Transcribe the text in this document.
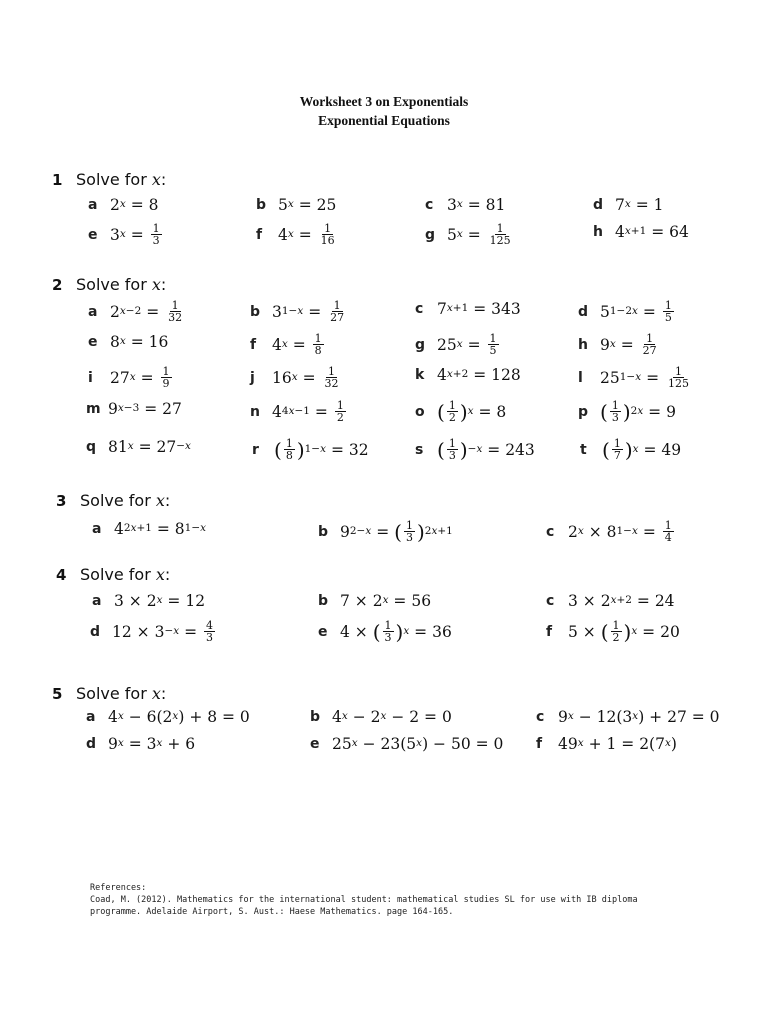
Worksheet 3 on Exponentials
Exponential Equations
1 Solve for
x :
a 2 $^x$ = 8	b 5 $^x$ = 25	c 3 $^x$ = 81	d 7 $^x$ = 1
e 3 $^x = \frac{1}{3}$	f	4 $^x = \frac{1}{16}$	g 5 $^x = \frac{1}{125}$	h 4 $^{x+1}$ = 64
2 Solve for
x :
a 2 $^{x-2} = \frac{1}{32}$	b $3^{1-x} = \frac{1}{27}$	c 7 $^{x+1}$ = 343	d $5^{1-2x} = \frac{1}{5}$
e 8 $^x$ = 16	f	4 $^x = \frac{1}{8}$	g 25 $^x = \frac{1}{5}$	h 9 $^x = \frac{1}{27}$
i	27 $^x = \frac{1}{9}$	j	16 $^x = \frac{1}{32}$	k 4 $^{x+2}$ = 128	l	$25^{1-x} = \frac{1}{125}$
m 9 $^{x-3}$ = 27	n $4^{4x-1} = \frac{1}{2}$	o ( $\frac{1}{2}$ ) $^x$ = 8	p ( $\frac{1}{3} )^{2x} = 9$
q 81 $^x = 27^{-x}$	r ( $\frac{1}{8} )^{1-x} = 32$	s ( $\frac{1}{3} )^{-x} = 243$	t ( $\frac{1}{7}$ ) $^x$ = 49
3 Solve for
x :
a $4^{2x+1} = 8^{1-x}$	b $9^{2-x}$ = ( $\frac{1}{3} )^{2x+1}$	c 2 $^x \times 8^{1-x} = \frac{1}{4}$
4 Solve for
x :
a 3 × 2 $^x$ = 12	b 7 × 2 $^x$ = 56	c 3 × 2 $^{x+2}$ = 24
d $12 \times 3^{-x} = \frac{4}{3}$	e 4 × ( $\frac{1}{3}$ ) $^x$ = 36	f	5 × ( $\frac{1}{2}$ ) $^x$ = 20
5 Solve for
x :
a 4 $^x$ − 6(2 $^x$ ) + 8 = 0	b 4 $^x$ − 2 $^x$ − 2 = 0	c 9 $^x$ − 12(3 $^x$ ) + 27 = 0
d 9 $^x$ = 3 $^x$ + 6	e 25 $^x$ − 23(5 $^x$ ) − 50 = 0 f	49 $^x$ + 1 = 2(7 $^x$ )
References:
Coad, M. (2012). Mathematics for the international student: mathematical studies SL for use with IB diploma
programme. Adelaide Airport, S. Aust.: Haese Mathematics. page 164-165.
